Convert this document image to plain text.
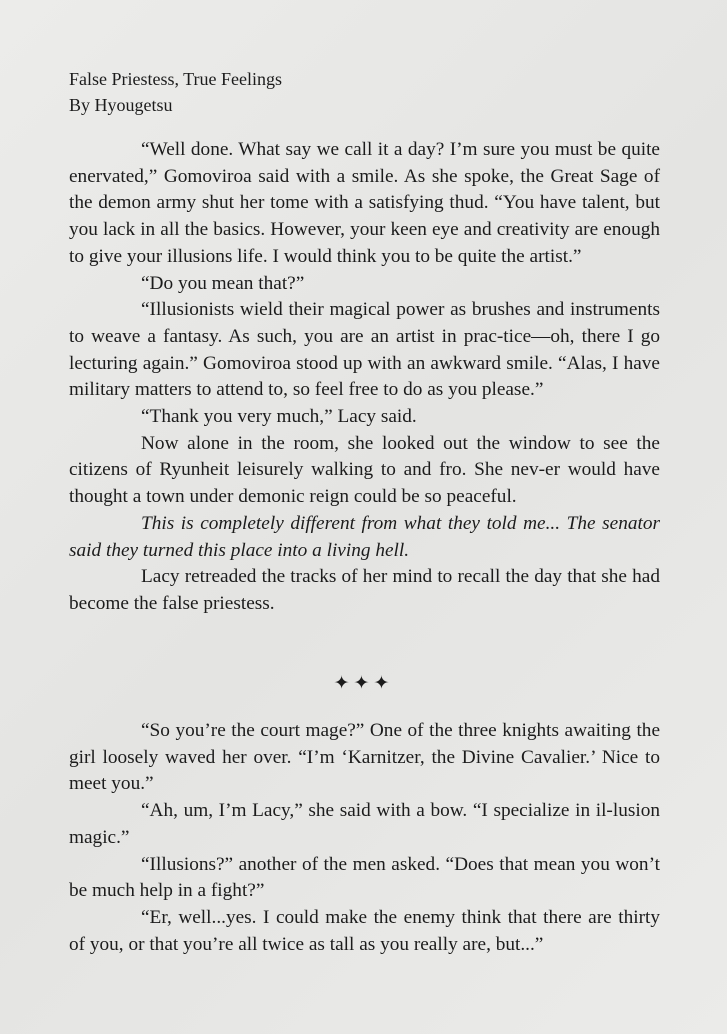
False Priestess, True Feelings
By Hyougetsu

“Well done. What say we call it a day? I’m sure you must be quite enervated,” Gomoviroa said with a smile. As she spoke, the Great Sage of the demon army shut her tome with a satisfying thud. “You have talent, but you lack in all the basics. However, your keen eye and creativity are enough to give your illusions life. I would think you to be quite the artist.”

“Do you mean that?”

“Illusionists wield their magical power as brushes and instruments to weave a fantasy. As such, you are an artist in prac-tice—oh, there I go lecturing again.” Gomoviroa stood up with an awkward smile. “Alas, I have military matters to attend to, so feel free to do as you please.”

“Thank you very much,” Lacy said.

Now alone in the room, she looked out the window to see the citizens of Ryunheit leisurely walking to and fro. She nev-er would have thought a town under demonic reign could be so peaceful.

This is completely different from what they told me... The senator said they turned this place into a living hell.

Lacy retreaded the tracks of her mind to recall the day that she had become the false priestess.

✦✦✦

“So you’re the court mage?” One of the three knights awaiting the girl loosely waved her over. “I’m ‘Karnitzer, the Divine Cavalier.’ Nice to meet you.”

“Ah, um, I’m Lacy,” she said with a bow. “I specialize in il-lusion magic.”

“Illusions?” another of the men asked. “Does that mean you won’t be much help in a fight?”

“Er, well...yes. I could make the enemy think that there are thirty of you, or that you’re all twice as tall as you really are, but...”
